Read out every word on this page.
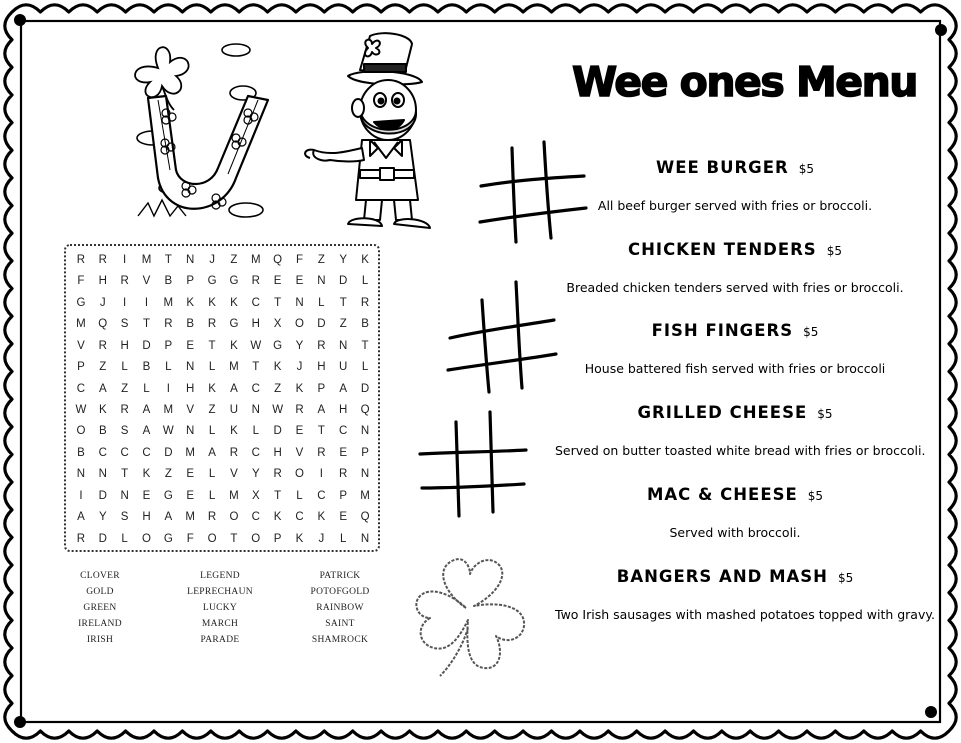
R	R	I	M	T	N	J	Z	M	Q	F	Z	Y	K
F	H	R	V	B	P	G	G	R	E	E	N	D	L
G	J	I	I	M	K	K	K	C	T	N	L	T	R
M	Q	S	T	R	B	R	G	H	X	O	D	Z	B
V	R	H	D	P	E	T	K	W	G	Y	R	N	T
P	Z	L	B	L	N	L	M	T	K	J	H	U	L
C	A	Z	L	I	H	K	A	C	Z	K	P	A	D
W	K	R	A	M	V	Z	U	N	W	R	A	H	Q
O	B	S	A	W	N	L	K	L	D	E	T	C	N
B	C	C	C	D	M	A	R	C	H	V	R	E	P
N	N	T	K	Z	E	L	V	Y	R	O	I	R	N
I	D	N	E	G	E	L	M	X	T	L	C	P	M
A	Y	S	H	A	M	R	O	C	K	C	K	E	Q
R	D	L	O	G	F	O	T	O	P	K	J	L	N
CLOVER
GOLD
GREEN
IRELAND
IRISH
LEGEND
LEPRECHAUN
LUCKY
MARCH
PARADE
PATRICK
POTOFGOLD
RAINBOW
SAINT
SHAMROCK
Wee ones Menu
WEE BURGER $5
All beef burger served with fries or broccoli.
CHICKEN TENDERS $5
Breaded chicken tenders served with fries or broccoli.
FISH FINGERS $5
House battered fish served with fries or broccoli
GRILLED CHEESE $5
Served on butter toasted white bread with fries or broccoli.
MAC & CHEESE $5
Served with broccoli.
BANGERS AND MASH $5
Two Irish sausages with mashed potatoes topped with gravy.
